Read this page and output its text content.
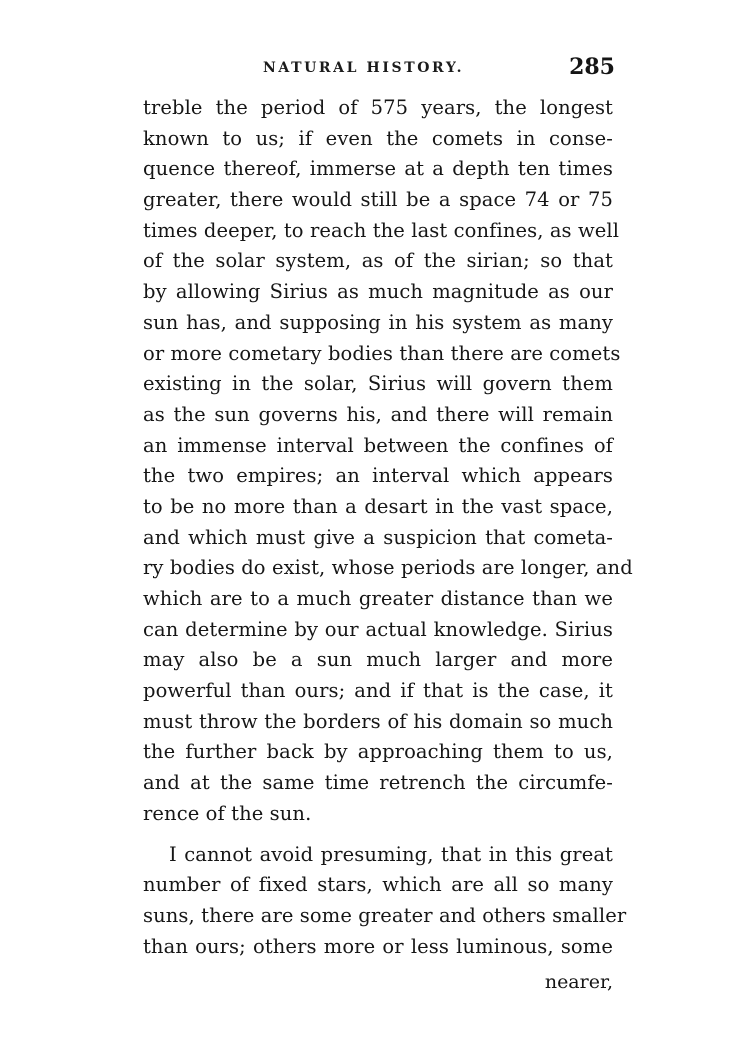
NATURAL HISTORY.	285
treble the period of 575 years, the longest
known to us; if even the comets in conse-
quence thereof, immerse at a depth ten times
greater, there would still be a space 74 or 75
times deeper, to reach the last confines, as well
of the solar system, as of the sirian; so that
by allowing Sirius as much magnitude as our
sun has, and supposing in his system as many
or more cometary bodies than there are comets
existing in the solar, Sirius will govern them
as the sun governs his, and there will remain
an immense interval between the confines of
the two empires; an interval which appears
to be no more than a desart in the vast space,
and which must give a suspicion that cometa-
ry bodies do exist, whose periods are longer, and
which are to a much greater distance than we
can determine by our actual knowledge. Sirius
may also be a sun much larger and more
powerful than ours; and if that is the case, it
must throw the borders of his domain so much
the further back by approaching them to us,
and at the same time retrench the circumfe-
rence of the sun.
I cannot avoid presuming, that in this great
number of fixed stars, which are all so many
suns, there are some greater and others smaller
than ours; others more or less luminous, some
nearer,
